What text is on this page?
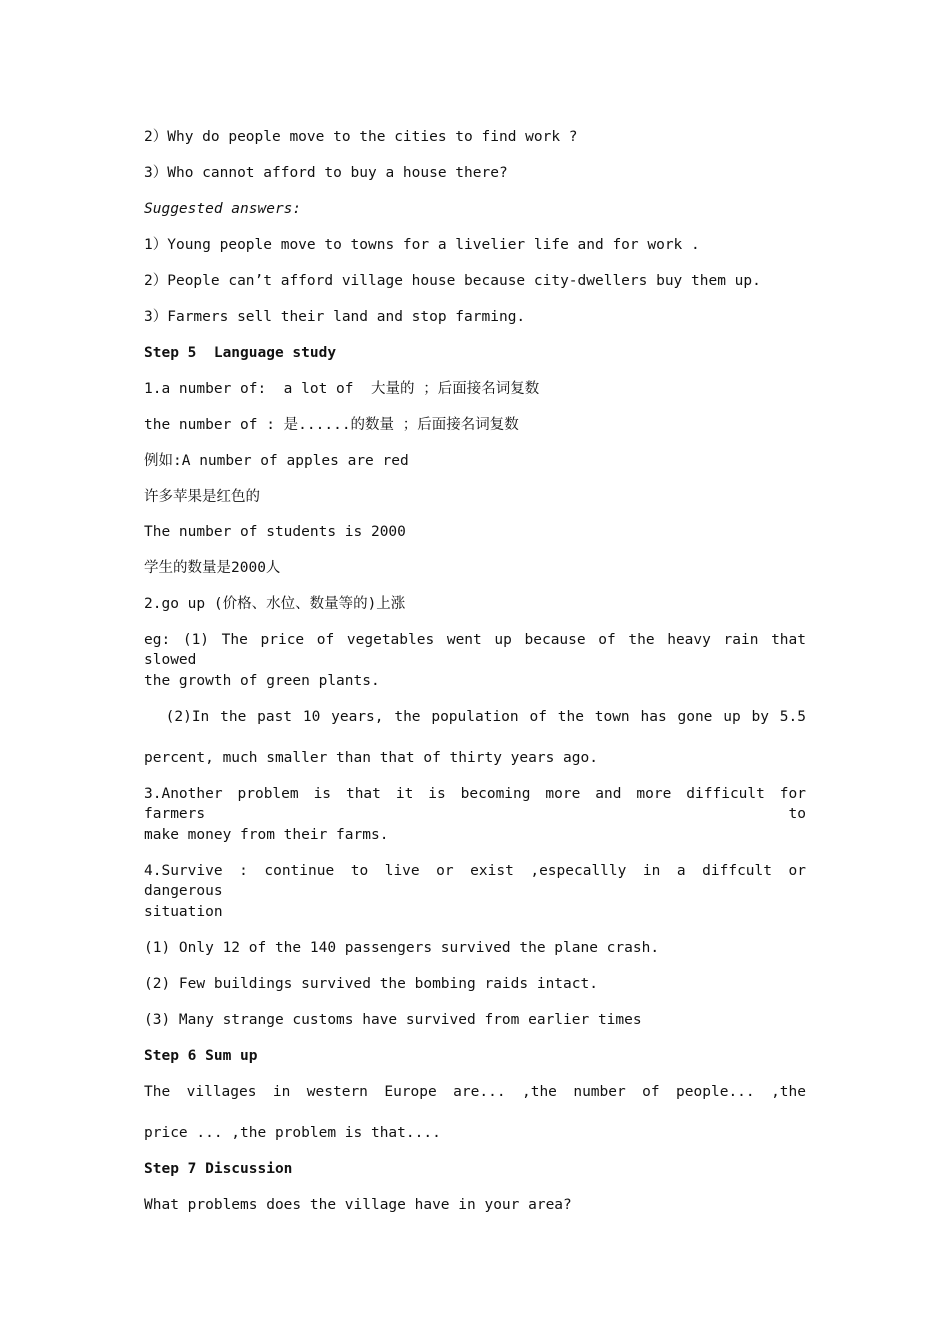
2）Why do people move to the cities to find work ?
3）Who cannot afford to buy a house there?
Suggested answers:
1）Young people move to towns for a livelier life and for work .
2）People can’t afford village house because city-dwellers buy them up.
3）Farmers sell their land and stop farming.
Step 5  Language study
1.a number of:  a lot of  大量的 ；后面接名词复数
the number of : 是......的数量 ；后面接名词复数
例如:A number of apples are red
许多苹果是红色的
The number of students is 2000
学生的数量是2000人
2.go up (价格、水位、数量等的)上涨
eg: (1) The price of vegetables went up because of the heavy rain that slowed
the growth of green plants.
(2)In the past 10 years, the population of the town has gone up by 5.5
percent, much smaller than that of thirty years ago.
3.Another problem is that it is becoming more and more difficult for farmers to
make money from their farms.
4.Survive : continue to live or exist ,especallly in a diffcult or dangerous
situation
(1) Only 12 of the 140 passengers survived the plane crash.
(2) Few buildings survived the bombing raids intact.
(3) Many strange customs have survived from earlier times
Step 6 Sum up
The villages in western Europe are... ,the number of people... ,the
price ... ,the problem is that....
Step 7 Discussion
What problems does the village have in your area?
